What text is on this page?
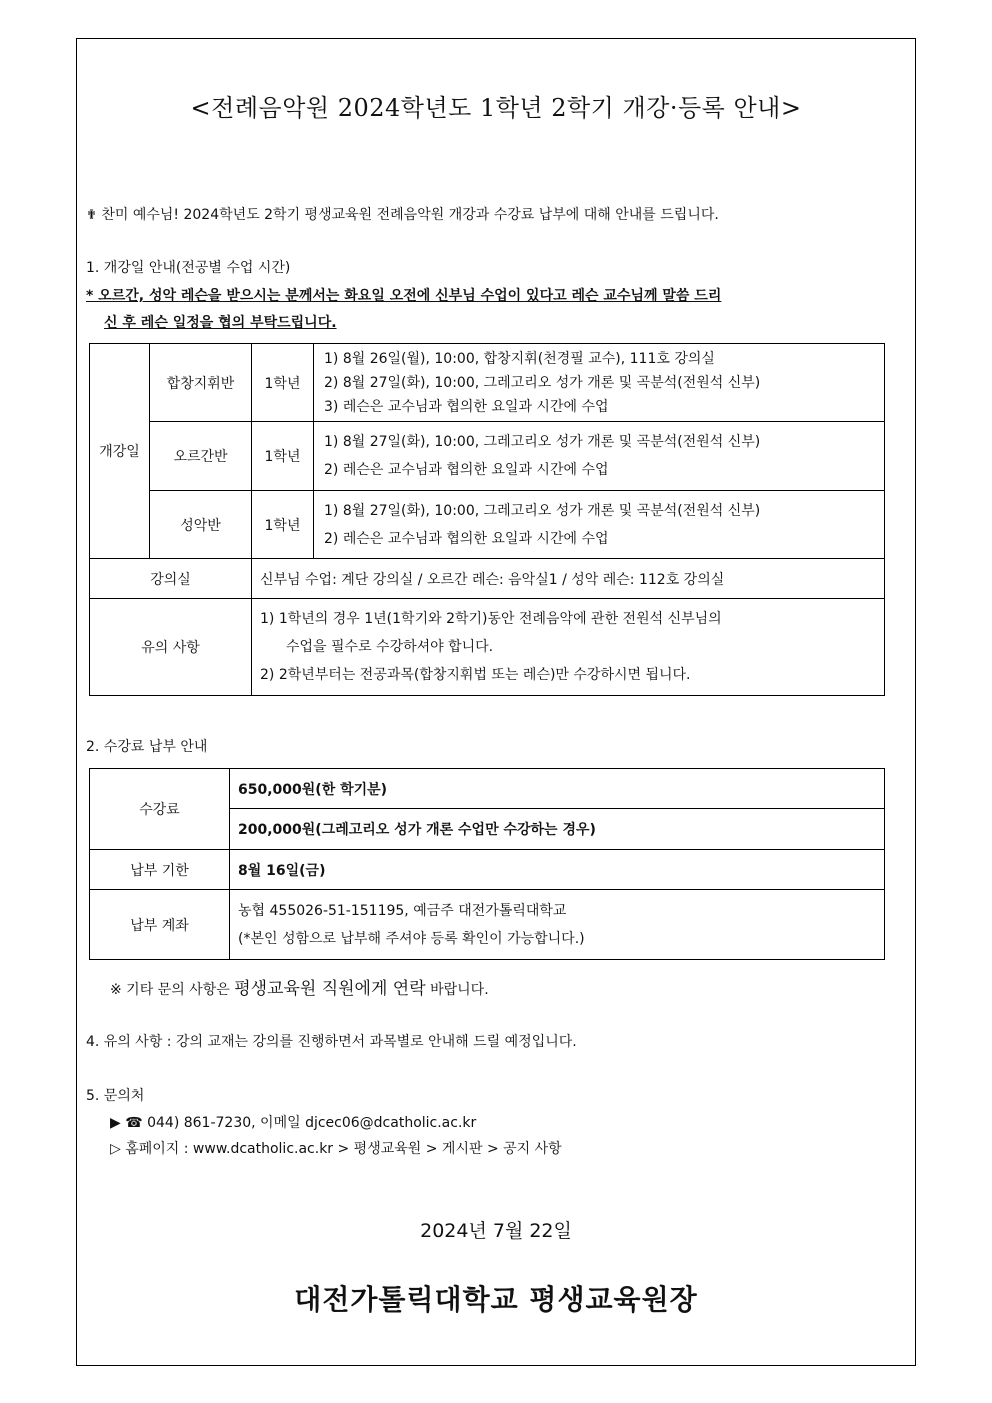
<전례음악원 2024학년도 1학년 2학기 개강·등록 안내>
✟ 찬미 예수님! 2024학년도 2학기 평생교육원 전례음악원 개강과 수강료 납부에 대해 안내를 드립니다.
1. 개강일 안내(전공별 수업 시간)
* 오르간, 성악 레슨을 받으시는 분께서는 화요일 오전에 신부님 수업이 있다고 레슨 교수님께 말씀 드리
신 후 레슨 일정을 협의 부탁드립니다.
개강일	합창지휘반	1학년	1) 8월 26일(월), 10:00, 합창지휘(천경필 교수), 111호 강의실
2) 8월 27일(화), 10:00, 그레고리오 성가 개론 및 곡분석(전원석 신부)
3) 레슨은 교수님과 협의한 요일과 시간에 수업

	오르간반	1학년	1) 8월 27일(화), 10:00, 그레고리오 성가 개론 및 곡분석(전원석 신부)
2) 레슨은 교수님과 협의한 요일과 시간에 수업

	성악반	1학년	1) 8월 27일(화), 10:00, 그레고리오 성가 개론 및 곡분석(전원석 신부)
2) 레슨은 교수님과 협의한 요일과 시간에 수업

강의실		신부님 수업: 계단 강의실 / 오르간 레슨: 음악실1 / 성악 레슨: 112호 강의실	
유의 사항		1) 1학년의 경우 1년(1학기와 2학기)동안 전례음악에 관한 전원석 신부님의
수업을 필수로 수강하셔야 합니다.
2) 2학년부터는 전공과목(합창지휘법 또는 레슨)만 수강하시면 됩니다.	
2. 수강료 납부 안내
수강료	650,000원(한 학기분)
	200,000원(그레고리오 성가 개론 수업만 수강하는 경우)
납부 기한	8월 16일(금)
납부 계좌	농협 455026-51-151195, 예금주 대전가톨릭대학교
(*본인 성함으로 납부해 주셔야 등록 확인이 가능합니다.)
※ 기타 문의 사항은 평생교육원 직원에게 연락 바랍니다.
4. 유의 사항 : 강의 교재는 강의를 진행하면서 과목별로 안내해 드릴 예정입니다.
5. 문의처
▶ ☎ 044) 861-7230, 이메일 djcec06@dcatholic.ac.kr
▷ 홈페이지 : www.dcatholic.ac.kr > 평생교육원 > 게시판 > 공지 사항
2024년 7월 22일
대전가톨릭대학교 평생교육원장
